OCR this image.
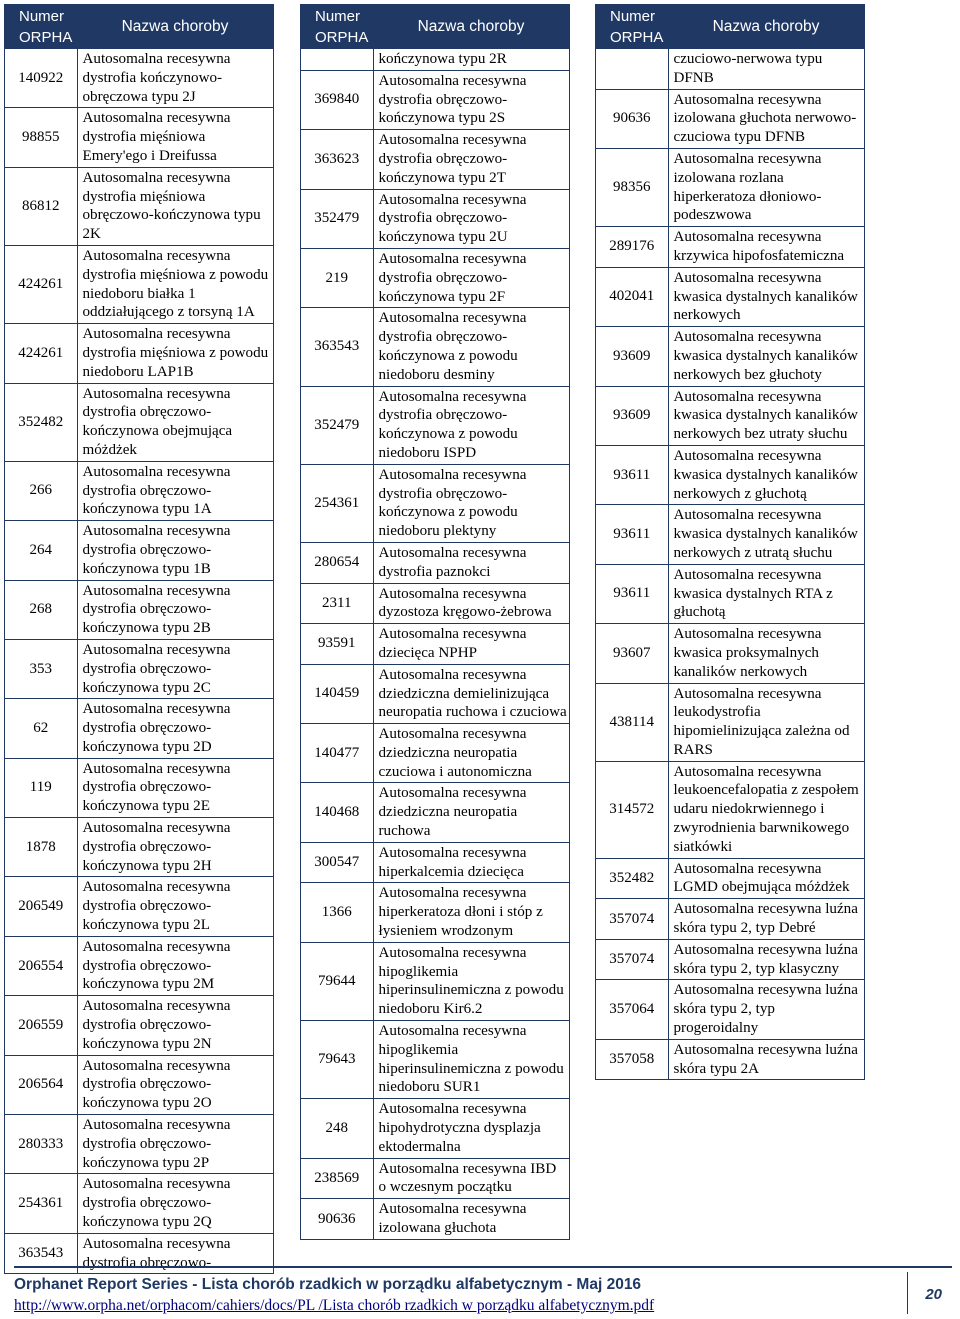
Numer
ORPHA	Nazwa choroby
140922	Autosomalna recesywna dystrofia kończynowo-obręczowa typu 2J
98855	Autosomalna recesywna dystrofia mięśniowa Emery'ego i Dreifussa
86812	Autosomalna recesywna dystrofia mięśniowa obręczowo-kończynowa typu 2K
424261	Autosomalna recesywna dystrofia mięśniowa z powodu niedoboru białka 1 oddziałującego z torsyną 1A
424261	Autosomalna recesywna dystrofia mięśniowa z powodu niedoboru LAP1B
352482	Autosomalna recesywna dystrofia obręczowo-kończynowa obejmująca móżdżek
266	Autosomalna recesywna dystrofia obręczowo-kończynowa typu 1A
264	Autosomalna recesywna dystrofia obręczowo-kończynowa typu 1B
268	Autosomalna recesywna dystrofia obręczowo-kończynowa typu 2B
353	Autosomalna recesywna dystrofia obręczowo-kończynowa typu 2C
62	Autosomalna recesywna dystrofia obręczowo-kończynowa typu 2D
119	Autosomalna recesywna dystrofia obręczowo-kończynowa typu 2E
1878	Autosomalna recesywna dystrofia obręczowo-kończynowa typu 2H
206549	Autosomalna recesywna dystrofia obręczowo-kończynowa typu 2L
206554	Autosomalna recesywna dystrofia obręczowo-kończynowa typu 2M
206559	Autosomalna recesywna dystrofia obręczowo-kończynowa typu 2N
206564	Autosomalna recesywna dystrofia obręczowo-kończynowa typu 2O
280333	Autosomalna recesywna dystrofia obręczowo-kończynowa typu 2P
254361	Autosomalna recesywna dystrofia obręczowo-kończynowa typu 2Q
363543	Autosomalna recesywna dystrofia obręczowo-
Numer
ORPHA	Nazwa choroby
	kończynowa typu 2R
369840	Autosomalna recesywna dystrofia obręczowo-kończynowa typu 2S
363623	Autosomalna recesywna dystrofia obręczowo-kończynowa typu 2T
352479	Autosomalna recesywna dystrofia obręczowo-kończynowa typu 2U
219	Autosomalna recesywna dystrofia obręczowo-kończynowa typu 2F
363543	Autosomalna recesywna dystrofia obręczowo-kończynowa z powodu niedoboru desminy
352479	Autosomalna recesywna dystrofia obręczowo-kończynowa z powodu niedoboru ISPD
254361	Autosomalna recesywna dystrofia obręczowo-kończynowa z powodu niedoboru plektyny
280654	Autosomalna recesywna dystrofia paznokci
2311	Autosomalna recesywna dyzostoza kręgowo-żebrowa
93591	Autosomalna recesywna dziecięca NPHP
140459	Autosomalna recesywna dziedziczna demielinizująca neuropatia ruchowa i czuciowa
140477	Autosomalna recesywna dziedziczna neuropatia czuciowa i autonomiczna
140468	Autosomalna recesywna dziedziczna neuropatia ruchowa
300547	Autosomalna recesywna hiperkalcemia dziecięca
1366	Autosomalna recesywna hiperkeratoza dłoni i stóp z łysieniem wrodzonym
79644	Autosomalna recesywna hipoglikemia hiperinsulinemiczna z powodu niedoboru Kir6.2
79643	Autosomalna recesywna hipoglikemia hiperinsulinemiczna z powodu niedoboru SUR1
248	Autosomalna recesywna hipohydrotyczna dysplazja ektodermalna
238569	Autosomalna recesywna IBD o wczesnym początku
90636	Autosomalna recesywna izolowana głuchota
Numer
ORPHA	Nazwa choroby
	czuciowo-nerwowa typu DFNB
90636	Autosomalna recesywna izolowana głuchota nerwowo-czuciowa typu DFNB
98356	Autosomalna recesywna izolowana rozlana hiperkeratoza dłoniowo-podeszwowa
289176	Autosomalna recesywna krzywica hipofosfatemiczna
402041	Autosomalna recesywna kwasica dystalnych kanalików nerkowych
93609	Autosomalna recesywna kwasica dystalnych kanalików nerkowych bez głuchoty
93609	Autosomalna recesywna kwasica dystalnych kanalików nerkowych bez utraty słuchu
93611	Autosomalna recesywna kwasica dystalnych kanalików nerkowych z głuchotą
93611	Autosomalna recesywna kwasica dystalnych kanalików nerkowych z utratą słuchu
93611	Autosomalna recesywna kwasica dystalnych RTA z głuchotą
93607	Autosomalna recesywna kwasica proksymalnych kanalików nerkowych
438114	Autosomalna recesywna leukodystrofia hipomielinizująca zależna od RARS
314572	Autosomalna recesywna leukoencefalopatia z zespołem udaru niedokrwiennego i zwyrodnienia barwnikowego siatkówki
352482	Autosomalna recesywna LGMD obejmująca móżdżek
357074	Autosomalna recesywna luźna skóra typu 2, typ Debré
357074	Autosomalna recesywna luźna skóra typu 2, typ klasyczny
357064	Autosomalna recesywna luźna skóra typu 2, typ progeroidalny
357058	Autosomalna recesywna luźna skóra typu 2A
Orphanet Report Series - Lista chorób rzadkich w porządku alfabetycznym - Maj 2016
http://www.orpha.net/orphacom/cahiers/docs/PL /Lista chorób rzadkich w porządku alfabetycznym.pdf
20
